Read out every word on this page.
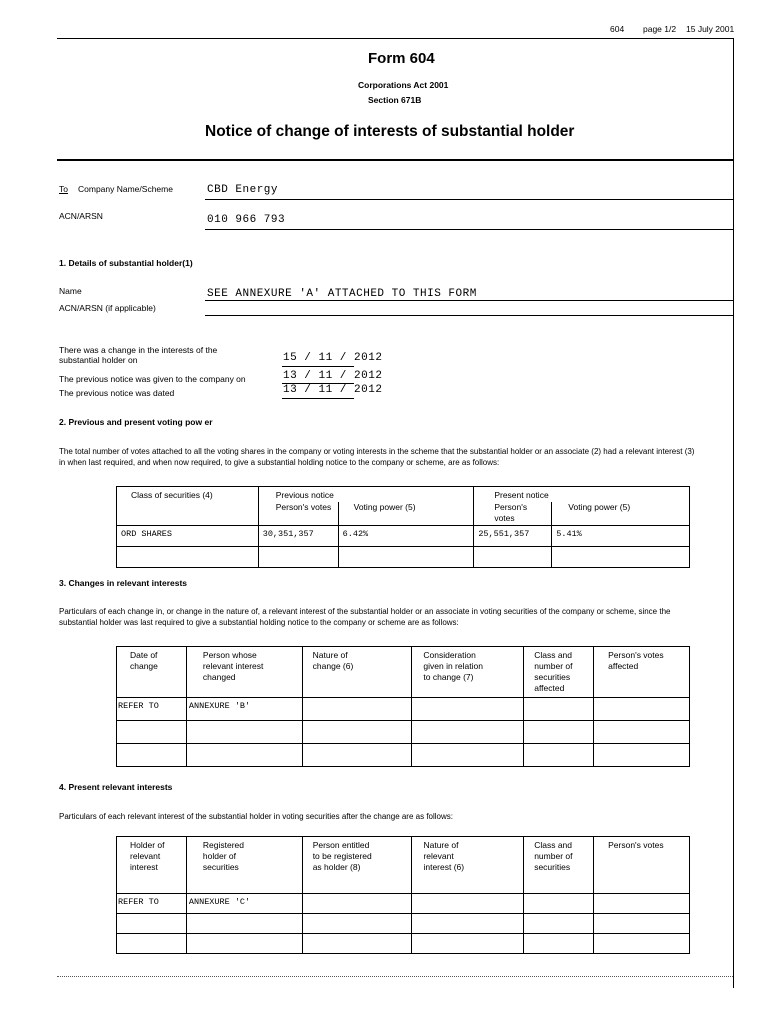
604 page 1/2 15 July 2001
Form 604
Corporations Act 2001
Section 671B
Notice of change of interests of substantial holder
To Company Name/Scheme	CBD Energy
ACN/ARSN	010 966 793
1. Details of substantial holder(1)
Name	SEE ANNEXURE 'A' ATTACHED TO THIS FORM
ACN/ARSN (if applicable)
There was a change in the interests of the
substantial holder on	15 / 11 / 2012
The previous notice was given to the company on	13 / 11 / 2012
The previous notice was dated	13 / 11 / 2012
2. Previous and present voting pow er
The total number of votes attached to all the voting shares in the company or voting interests in the scheme that the substantial holder or an associate (2) had a relevant interest (3)
in when last required, and when now required, to give a substantial holding notice to the company or scheme, are as follows:
Class of securities (4)	Previous notice		Present notice	
	Person's votes	Voting power (5)	Person's votes	Voting power (5)
ORD SHARES	30,351,357	6.42%	25,551,357	5.41%

3. Changes in relevant interests
Particulars of each change in, or change in the nature of, a relevant interest of the substantial holder or an associate in voting securities of the company or scheme, since the
substantial holder was last required to give a substantial holding notice to the company or scheme are as follows:
Date of
change	Person whose
relevant interest
changed	Nature of
change (6)	Consideration
given in relation
to change (7)	Class and
number of
securities
affected	Person's votes
affected
REFER TO	ANNEXURE 'B'				

4. Present relevant interests
Particulars of each relevant interest of the substantial holder in voting securities after the change are as follows:
Holder of
relevant
interest	Registered
holder of
securities	Person entitled
to be registered
as holder (8)	Nature of
relevant
interest (6)	Class and
number of
securities	Person's votes
REFER TO	ANNEXURE 'C'				
